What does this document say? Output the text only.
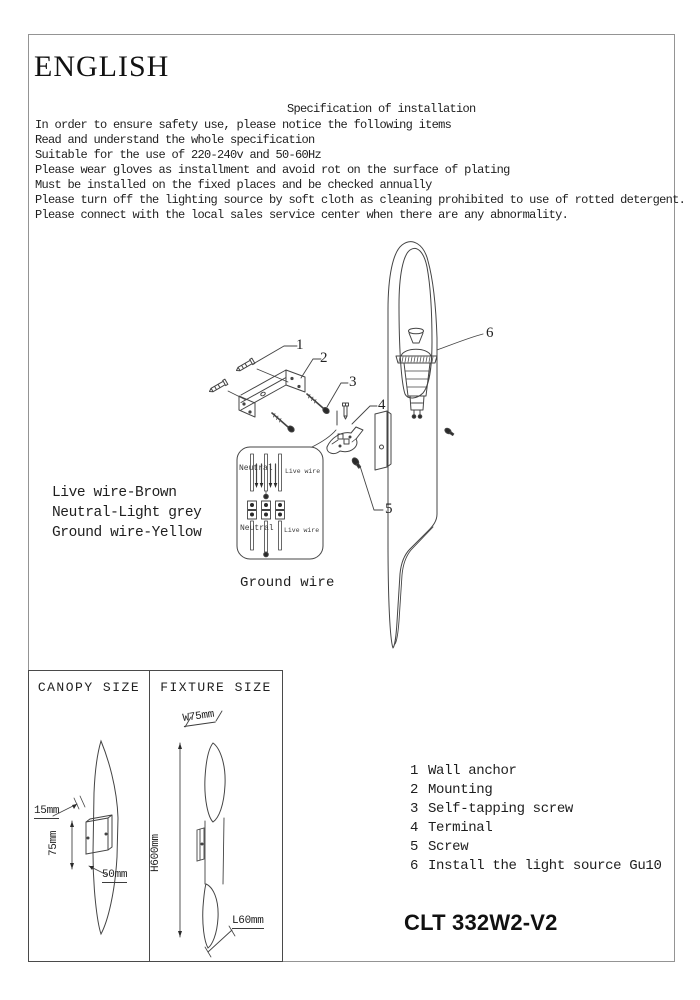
ENGLISH
Specification of installation
In order to ensure safety use, please notice the following items
Read and understand the whole specification
Suitable for the use of 220-240v and 50-60Hz
Please wear gloves as installment and avoid rot on the surface of plating
Must be installed on the fixed places and be checked annually
Please turn off the lighting source by soft cloth as cleaning prohibited to use of rotted detergent.
Please connect with the local sales service center when there are any abnormality.
1
2
3
4
5
6
Neutral Live wire
Neutral Live wire
Live wire-Brown
Neutral-Light grey
Ground wire-Yellow
Ground wire
CANOPY SIZE
15mm
75mm
50mm
FIXTURE SIZE
W75mm
H600mm
L60mm
1 Wall anchor
2 Mounting
3 Self-tapping screw
4 Terminal
5 Screw
6 Install the light source Gu10
CLT 332W2-V2
